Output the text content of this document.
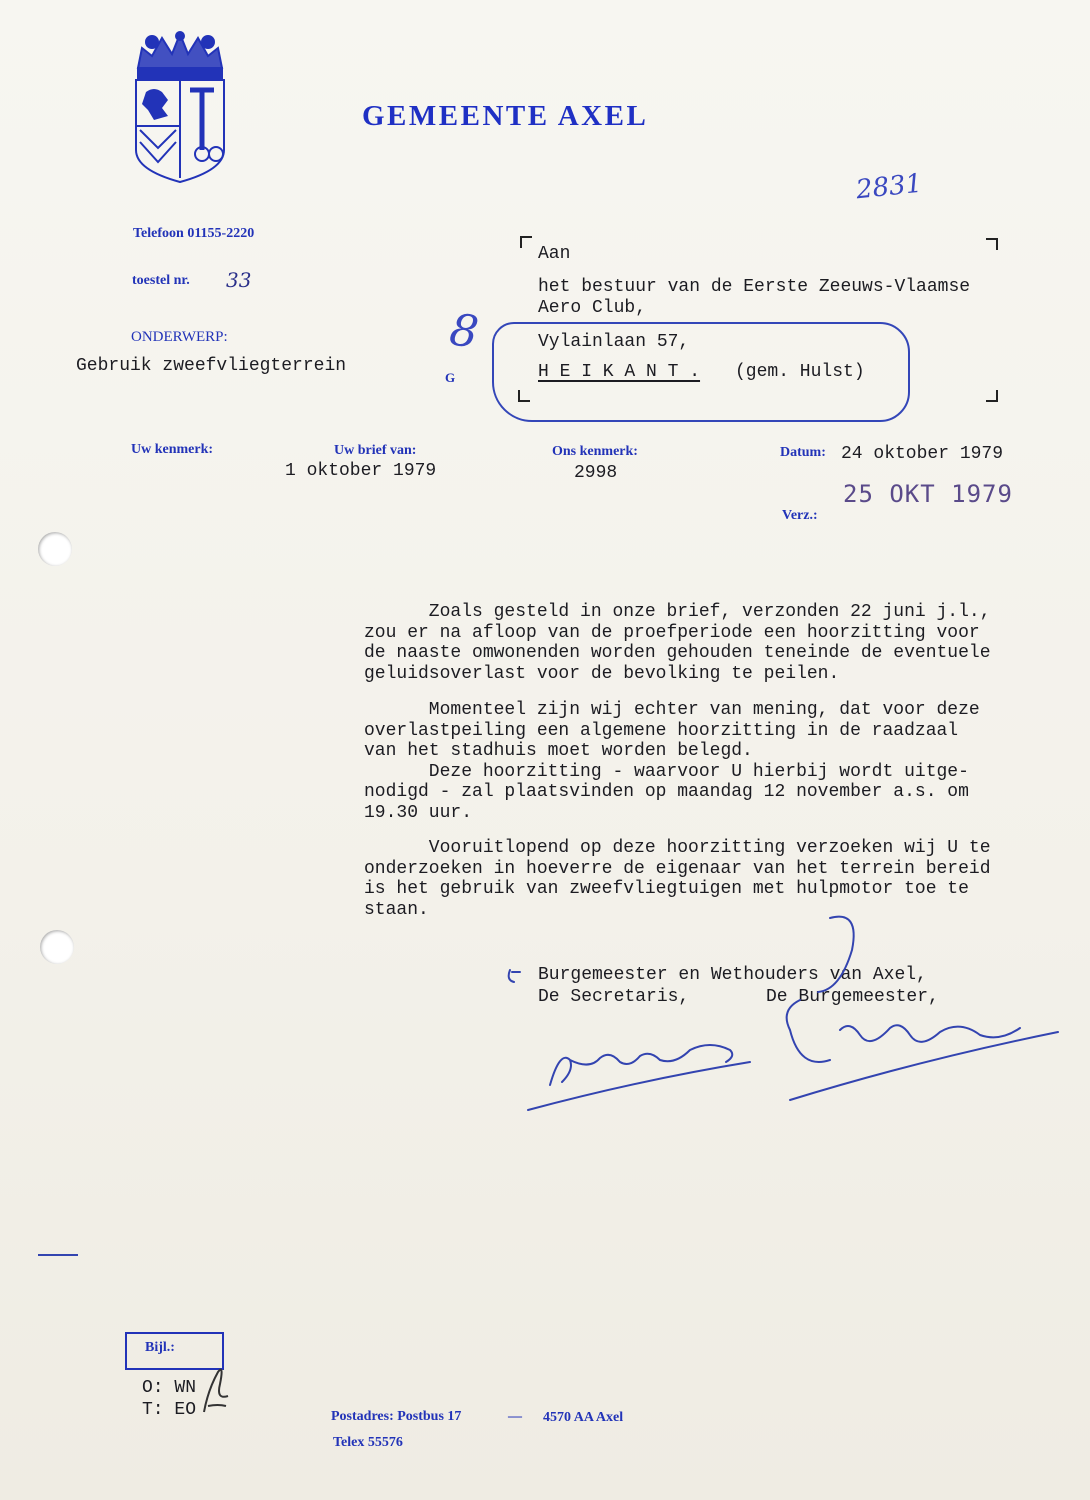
GEMEENTE AXEL
2831
Telefoon 01155-2220
toestel nr. 33
ONDERWERP:
Gebruik zweefvliegterrein
8
G
Aan
het bestuur van de Eerste Zeeuws-Vlaamse
Aero Club,
Vylainlaan 57,
H E I K A N T . (gem. Hulst)
Uw kenmerk:	Uw brief van:
1 oktober 1979
Ons kenmerk:
2998
Datum: 24 oktober 1979
25 OKT 1979
Verz.:
Zoals gesteld in onze brief, verzonden 22 juni j.l.,
zou er na afloop van de proefperiode een hoorzitting voor
de naaste omwonenden worden gehouden teneinde de eventuele
geluidsoverlast voor de bevolking te peilen.
Momenteel zijn wij echter van mening, dat voor deze
overlastpeiling een algemene hoorzitting in de raadzaal
van het stadhuis moet worden belegd.
Deze hoorzitting - waarvoor U hierbij wordt uitge-
nodigd - zal plaatsvinden op maandag 12 november a.s. om
19.30 uur.
Vooruitlopend op deze hoorzitting verzoeken wij U te
onderzoeken in hoeverre de eigenaar van het terrein bereid
is het gebruik van zweefvliegtuigen met hulpmotor toe te
staan.
Burgemeester en Wethouders van Axel,
De Secretaris,	De Burgemeester,
Bijl.:
O: WN
T: EO	Postadres: Postbus 17	— 4570 AA Axel
Telex 55576
